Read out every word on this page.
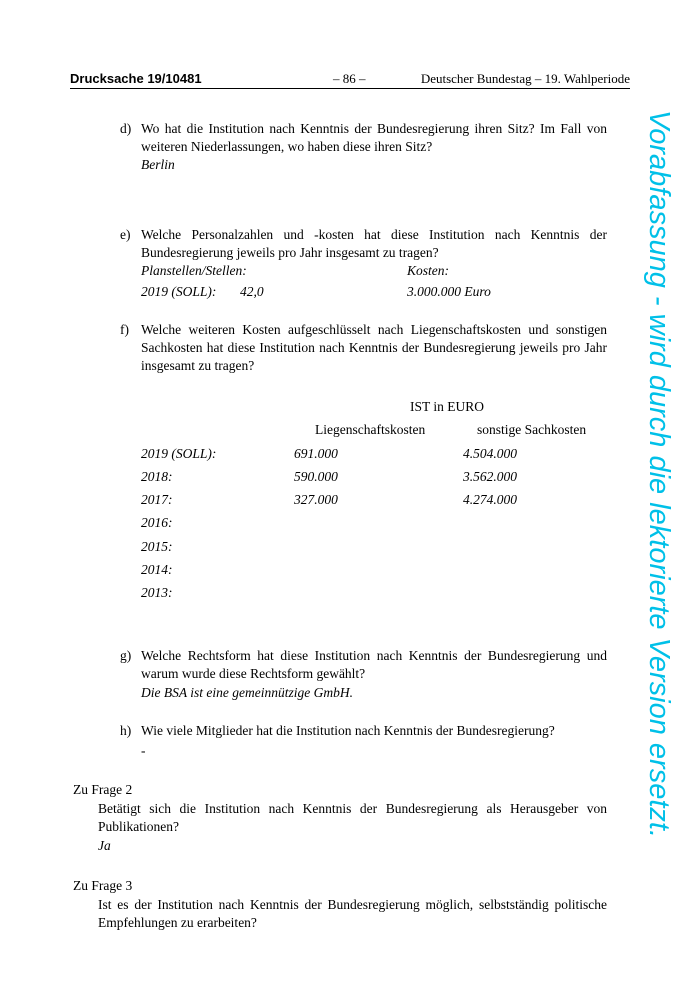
Drucksache 19/10481	– 86 –	Deutscher Bundestag – 19. Wahlperiode
d) Wo hat die Institution nach Kenntnis der Bundesregierung ihren Sitz? Im Fall von weiteren Niederlassungen, wo haben diese ihren Sitz?
Berlin
e) Welche Personalzahlen und -kosten hat diese Institution nach Kenntnis der Bundesregierung jeweils pro Jahr insgesamt zu tragen?
Planstellen/Stellen:	Kosten:
2019 (SOLL): 42,0	3.000.000 Euro
f) Welche weiteren Kosten aufgeschlüsselt nach Liegenschaftskosten und sonstigen Sachkosten hat diese Institution nach Kenntnis der Bundesregierung jeweils pro Jahr insgesamt zu tragen?
IST in EURO
Liegenschaftskosten	sonstige Sachkosten
2019 (SOLL):	691.000	4.504.000
2018:	590.000	3.562.000
2017:	327.000	4.274.000
2016:
2015:
2014:
2013:
g) Welche Rechtsform hat diese Institution nach Kenntnis der Bundesregierung und warum wurde diese Rechtsform gewählt?
Die BSA ist eine gemeinnützige GmbH.
h) Wie viele Mitglieder hat die Institution nach Kenntnis der Bundesregierung?
-
Zu Frage 2
Betätigt sich die Institution nach Kenntnis der Bundesregierung als Herausgeber von Publikationen?
Ja
Zu Frage 3
Ist es der Institution nach Kenntnis der Bundesregierung möglich, selbstständig politische Empfehlungen zu erarbeiten?
Vorabfassung - wird durch die lektorierte Version ersetzt.
